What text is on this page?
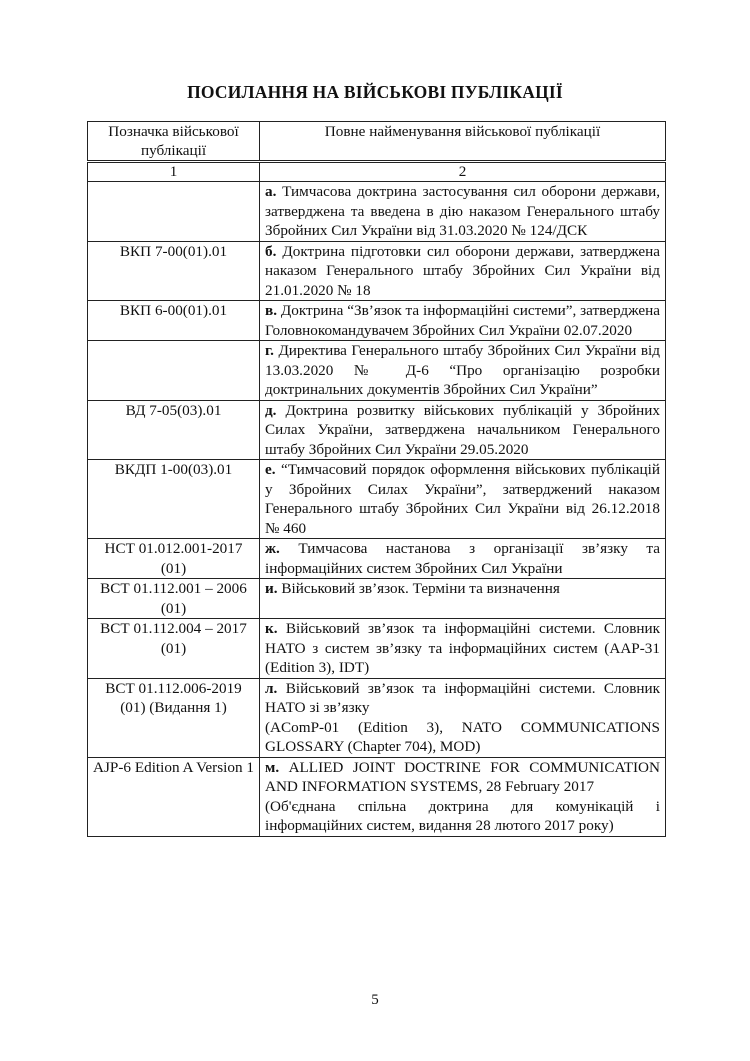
ПОСИЛАННЯ НА ВІЙСЬКОВІ ПУБЛІКАЦІЇ
Позначка військової публікації	Повне найменування військової публікації
1	2
	а. Тимчасова доктрина застосування сил оборони держави, затверджена та введена в дію наказом Генерального штабу Збройних Сил України від 31.03.2020 № 124/ДСК
ВКП 7-00(01).01	б. Доктрина підготовки сил оборони держави, затверджена наказом Генерального штабу Збройних Сил України від 21.01.2020 № 18
ВКП 6-00(01).01	в. Доктрина “Зв’язок та інформаційні системи”, затверджена Головнокомандувачем Збройних Сил України 02.07.2020
	г. Директива Генерального штабу Збройних Сил України від 13.03.2020 № Д-6 “Про організацію розробки доктринальних документів Збройних Сил України”
ВД 7-05(03).01	д. Доктрина розвитку військових публікацій у Збройних Силах України, затверджена начальником Генерального штабу Збройних Сил України 29.05.2020
ВКДП 1-00(03).01	е. “Тимчасовий порядок оформлення військових публікацій у Збройних Силах України”, затверджений наказом Генерального штабу Збройних Сил України від 26.12.2018 № 460
НСТ 01.012.001-2017 (01)	ж. Тимчасова настанова з організації зв’язку та інформаційних систем Збройних Сил України
ВСТ 01.112.001 – 2006 (01)	и. Військовий зв’язок. Терміни та визначення
ВСТ 01.112.004 – 2017 (01)	к. Військовий зв’язок та інформаційні системи. Словник НАТО з систем зв’язку та інформаційних систем (AAP-31 (Edition 3), IDT)
ВСТ 01.112.006-2019 (01) (Видання 1)	л. Військовий зв’язок та інформаційні системи. Словник НАТО зі зв’язку
(AComP-01 (Edition 3), NATO COMMUNICATIONS GLOSSARY (Chapter 704), MOD)

AJP-6 Edition A Version 1	м. ALLIED JOINT DOCTRINE FOR COMMUNICATION AND INFORMATION SYSTEMS, 28 February 2017
(Об'єднана спільна доктрина для комунікацій і інформаційних систем, видання 28 лютого 2017 року)
5
